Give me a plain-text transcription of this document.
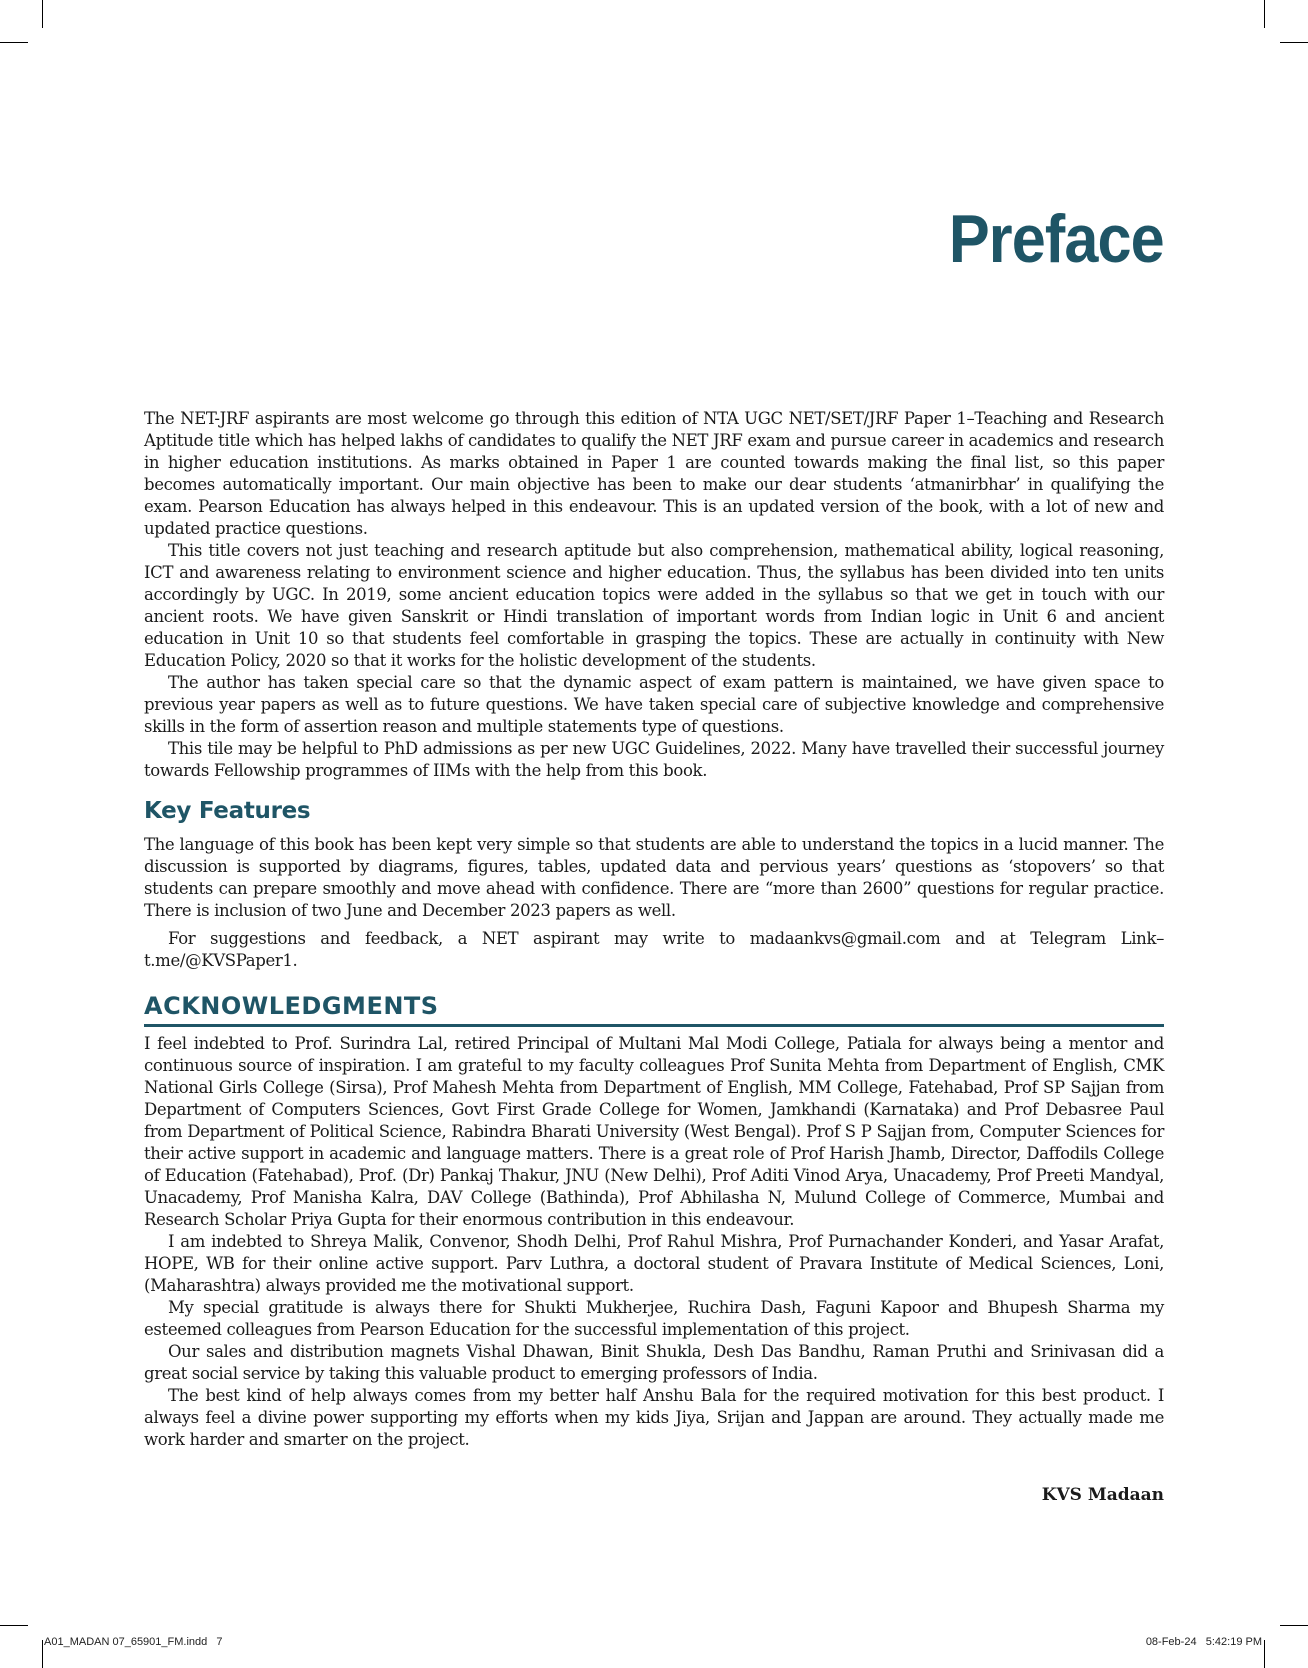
Preface

The NET-JRF aspirants are most welcome go through this edition of NTA UGC NET/SET/JRF Paper 1–Teaching and Research Aptitude title which has helped lakhs of candidates to qualify the NET JRF exam and pursue career in academics and research in higher education institutions. As marks obtained in Paper 1 are counted towards making the final list, so this paper becomes automatically important. Our main objective has been to make our dear students ‘atmanirbhar’ in qualifying the exam. Pearson Education has always helped in this endeavour. This is an updated version of the book, with a lot of new and updated practice questions.

This title covers not just teaching and research aptitude but also comprehension, mathematical ability, logical reasoning, ICT and awareness relating to environment science and higher education. Thus, the syllabus has been divided into ten units accordingly by UGC. In 2019, some ancient education topics were added in the syllabus so that we get in touch with our ancient roots. We have given Sanskrit or Hindi translation of important words from Indian logic in Unit 6 and ancient education in Unit 10 so that students feel comfortable in grasping the topics. These are actually in continuity with New Education Policy, 2020 so that it works for the holistic development of the students.

The author has taken special care so that the dynamic aspect of exam pattern is maintained, we have given space to previous year papers as well as to future questions. We have taken special care of subjective knowledge and comprehensive skills in the form of assertion reason and multiple statements type of questions.

This tile may be helpful to PhD admissions as per new UGC Guidelines, 2022. Many have travelled their successful journey towards Fellowship programmes of IIMs with the help from this book.

Key Features

The language of this book has been kept very simple so that students are able to understand the topics in a lucid manner. The discussion is supported by diagrams, figures, tables, updated data and pervious years’ questions as ‘stopovers’ so that students can prepare smoothly and move ahead with confidence. There are “more than 2600” questions for regular practice. There is inclusion of two June and December 2023 papers as well.

For suggestions and feedback, a NET aspirant may write to madaankvs@gmail.com and at Telegram Link–t.me/@KVSPaper1.

ACKNOWLEDGMENTS

I feel indebted to Prof. Surindra Lal, retired Principal of Multani Mal Modi College, Patiala for always being a mentor and continuous source of inspiration. I am grateful to my faculty colleagues Prof Sunita Mehta from Department of English, CMK National Girls College (Sirsa), Prof Mahesh Mehta from Department of English, MM College, Fatehabad, Prof SP Sajjan from Department of Computers Sciences, Govt First Grade College for Women, Jamkhandi (Karnataka) and Prof Debasree Paul from Department of Political Science, Rabindra Bharati University (West Bengal). Prof S P Sajjan from, Computer Sciences for their active support in academic and language matters. There is a great role of Prof Harish Jhamb, Director, Daffodils College of Education (Fatehabad), Prof. (Dr) Pankaj Thakur, JNU (New Delhi), Prof Aditi Vinod Arya, Unacademy, Prof Preeti Mandyal, Unacademy, Prof Manisha Kalra, DAV College (Bathinda), Prof Abhilasha N, Mulund College of Commerce, Mumbai and Research Scholar Priya Gupta for their enormous contribution in this endeavour.

I am indebted to Shreya Malik, Convenor, Shodh Delhi, Prof Rahul Mishra, Prof Purnachander Konderi, and Yasar Arafat, HOPE, WB for their online active support. Parv Luthra, a doctoral student of Pravara Institute of Medical Sciences, Loni, (Maharashtra) always provided me the motivational support.

My special gratitude is always there for Shukti Mukherjee, Ruchira Dash, Faguni Kapoor and Bhupesh Sharma my esteemed colleagues from Pearson Education for the successful implementation of this project.

Our sales and distribution magnets Vishal Dhawan, Binit Shukla, Desh Das Bandhu, Raman Pruthi and Srinivasan did a great social service by taking this valuable product to emerging professors of India.

The best kind of help always comes from my better half Anshu Bala for the required motivation for this best product. I always feel a divine power supporting my efforts when my kids Jiya, Srijan and Jappan are around. They actually made me work harder and smarter on the project.

KVS Madaan
A01_MADAN 07_65901_FM.indd   7	08-Feb-24   5:42:19 PM
